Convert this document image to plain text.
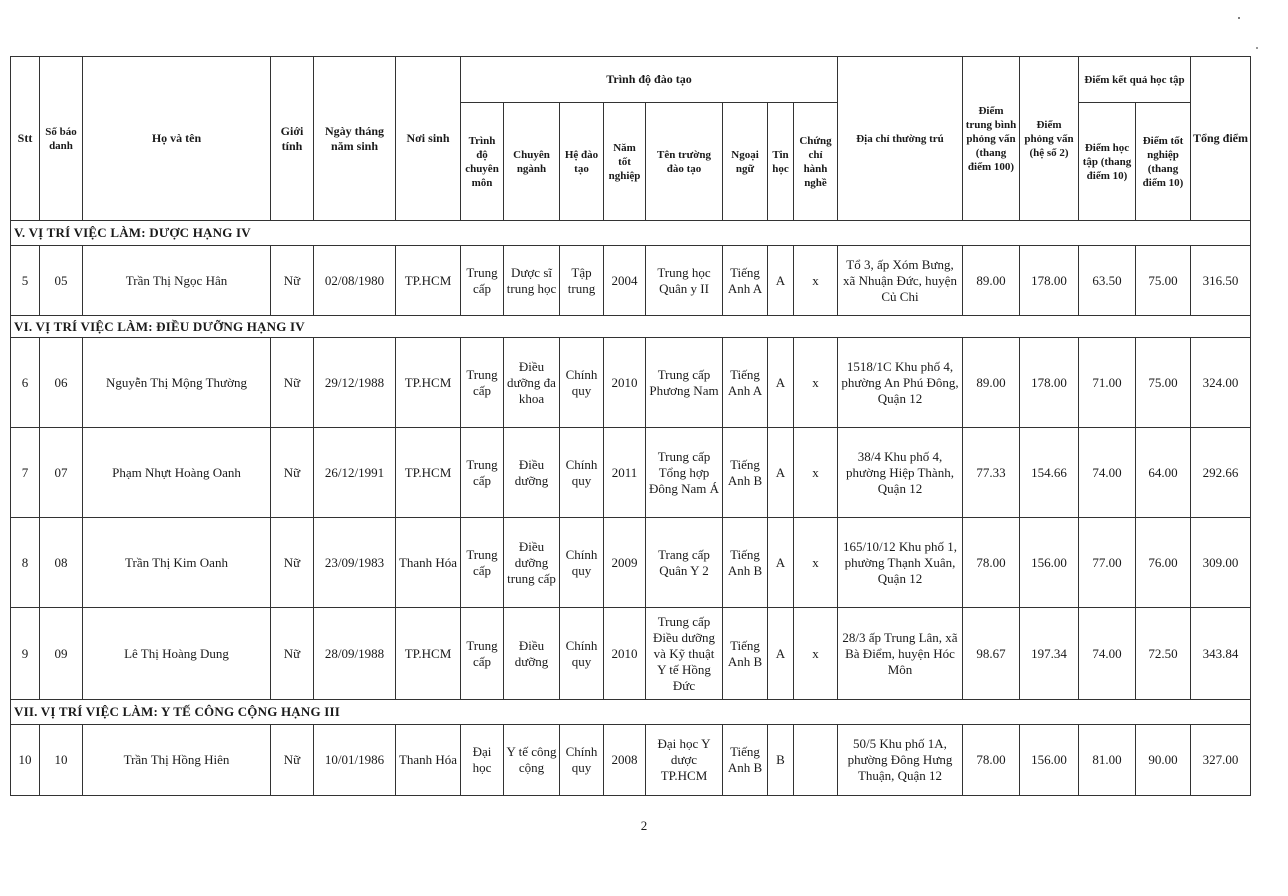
Stt	Số báo danh	Họ và tên	Giới tính	Ngày tháng năm sinh	Nơi sinh	Trình độ đào tạo								Địa chỉ thường trú	Điểm trung bình phỏng vấn (thang điểm 100)	Điểm phỏng vấn (hệ số 2)	Điểm kết quả học tập		Tổng điểm
						Trình độ chuyên môn	Chuyên ngành	Hệ đào tạo	Năm tốt nghiệp	Tên trường đào tạo	Ngoại ngữ	Tin học	Chứng chỉ hành nghề				Điểm học tập (thang điểm 10)	Điểm tốt nghiệp (thang điểm 10)	
V. VỊ TRÍ VIỆC LÀM: DƯỢC HẠNG IV																			
5	05	Trần Thị Ngọc Hân	Nữ	02/08/1980	TP.HCM	Trung cấp	Dược sĩ trung học	Tập trung	2004	Trung học Quân y II	Tiếng Anh A	A	x	Tổ 3, ấp Xóm Bưng, xã Nhuận Đức, huyện Củ Chi	89.00	178.00	63.50	75.00	316.50
VI. VỊ TRÍ VIỆC LÀM: ĐIỀU DƯỠNG HẠNG IV																			
6	06	Nguyễn Thị Mộng Thường	Nữ	29/12/1988	TP.HCM	Trung cấp	Điều dưỡng đa khoa	Chính quy	2010	Trung cấp Phương Nam	Tiếng Anh A	A	x	1518/1C Khu phố 4, phường An Phú Đông, Quận 12	89.00	178.00	71.00	75.00	324.00
7	07	Phạm Nhựt Hoàng Oanh	Nữ	26/12/1991	TP.HCM	Trung cấp	Điều dưỡng	Chính quy	2011	Trung cấp Tổng hợp Đông Nam Á	Tiếng Anh B	A	x	38/4 Khu phố 4, phường Hiệp Thành, Quận 12	77.33	154.66	74.00	64.00	292.66
8	08	Trần Thị Kim Oanh	Nữ	23/09/1983	Thanh Hóa	Trung cấp	Điều dưỡng trung cấp	Chính quy	2009	Trang cấp Quân Y 2	Tiếng Anh B	A	x	165/10/12 Khu phố 1, phường Thạnh Xuân, Quận 12	78.00	156.00	77.00	76.00	309.00
9	09	Lê Thị Hoàng Dung	Nữ	28/09/1988	TP.HCM	Trung cấp	Điều dưỡng	Chính quy	2010	Trung cấp Điều dưỡng và Kỹ thuật Y tế Hồng Đức	Tiếng Anh B	A	x	28/3 ấp Trung Lân, xã Bà Điểm, huyện Hóc Môn	98.67	197.34	74.00	72.50	343.84
VII. VỊ TRÍ VIỆC LÀM: Y TẾ CÔNG CỘNG HẠNG III																			
10	10	Trần Thị Hồng Hiên	Nữ	10/01/1986	Thanh Hóa	Đại học	Y tế công cộng	Chính quy	2008	Đại học Y dược TP.HCM	Tiếng Anh B	B		50/5 Khu phố 1A, phường Đông Hưng Thuận, Quận 12	78.00	156.00	81.00	90.00	327.00
2
